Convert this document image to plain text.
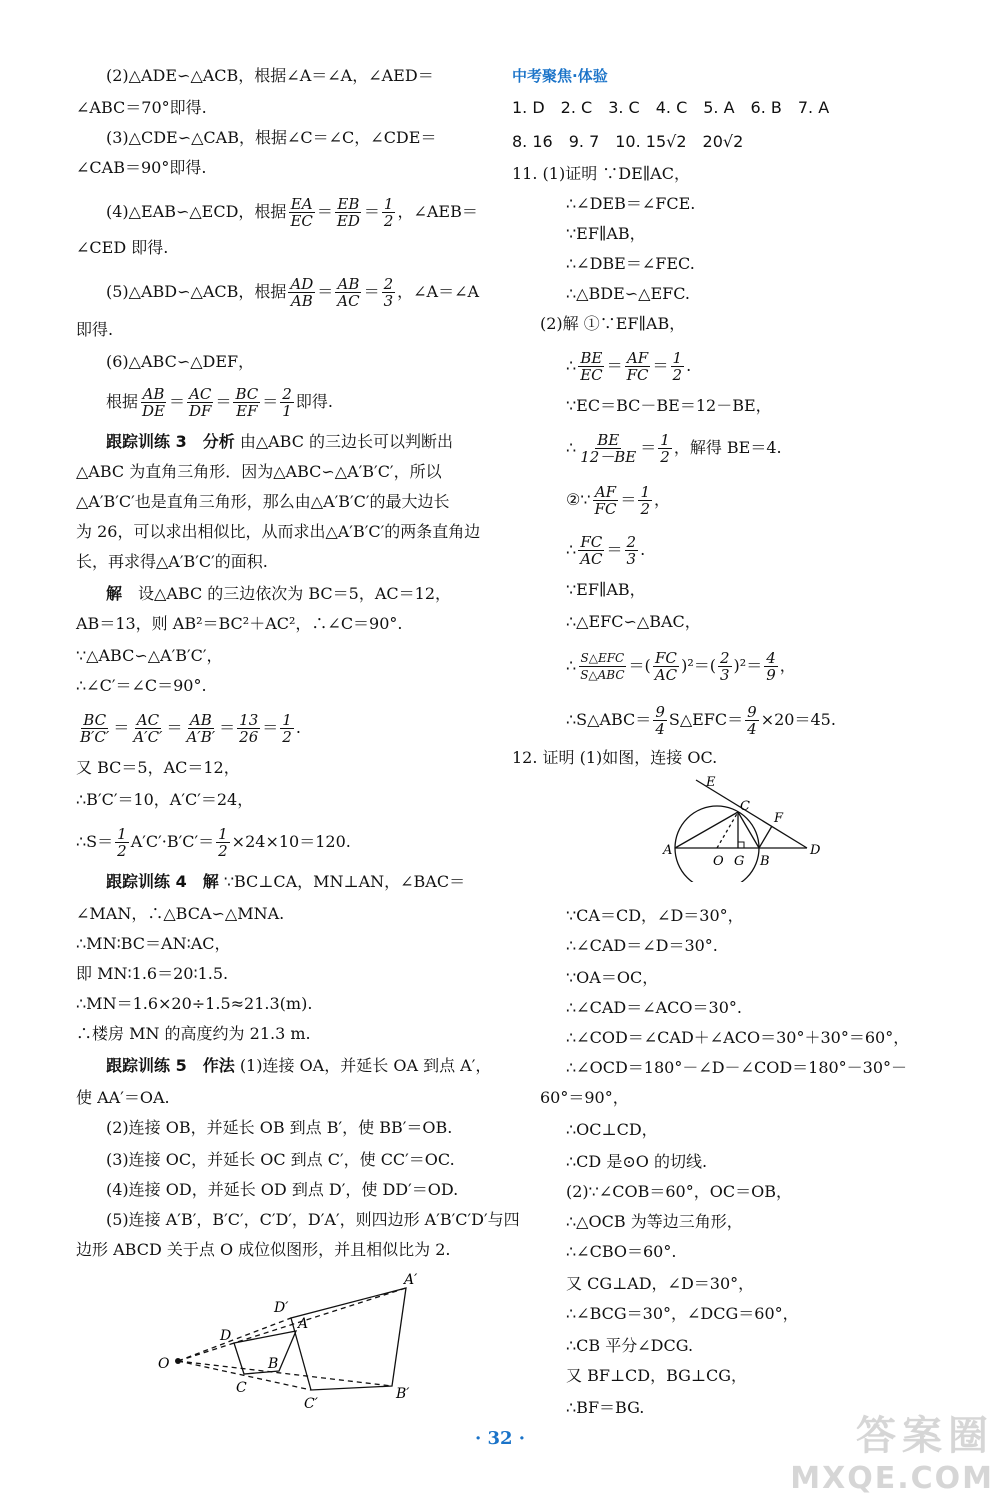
(2)△ADE∽△ACB，根据∠A＝∠A，∠AED＝
∠ABC＝70°即得.
(3)△CDE∽△CAB，根据∠C＝∠C，∠CDE＝
∠CAB＝90°即得.
(4)△EAB∽△ECD，根据 $\frac{EA}{EC} = \frac{EB}{ED} = \frac{1}{2}$ ，∠AEB＝
∠CED 即得.
(5)△ABD∽△ACB，根据 $\frac{AD}{AB} = \frac{AB}{AC} = \frac{2}{3}$ ，∠A＝∠A
即得.
(6)△ABC∽△DEF，
根据 $\frac{AB}{DE} = \frac{AC}{DF} = \frac{BC}{EF} = \frac{2}{1}$ 即得.
跟踪训练 3　分析 由△ABC 的三边长可以判断出
△ABC 为直角三角形．因为△ABC∽△A′B′C′，所以
△A′B′C′也是直角三角形，那么由△A′B′C′的最大边长
为 26，可以求出相似比，从而求出△A′B′C′的两条直角边
长，再求得△A′B′C′的面积.
解　 设△ABC 的三边依次为 BC＝5，AC＝12，
AB＝13，则 AB²＝BC²＋AC²，∴∠C＝90°.
∵△ABC∽△A′B′C′，
∴∠C′＝∠C＝90°.
$\frac{BC}{B'C'} = \frac{AC}{A'C'} = \frac{AB}{A'B'} = \frac{13}{26} = \frac{1}{2}$ .
又 BC＝5，AC＝12，
∴B′C′＝10，A′C′＝24，
∴S＝ $\frac{1}{2} A'C'\cdot B'C'= \frac{1}{2} \times 24\times 10=120$.
跟踪训练 4　解 ∵BC⊥CA，MN⊥AN，∠BAC＝
∠MAN，∴△BCA∽△MNA.
∴MN∶BC＝AN∶AC，
即 MN∶1.6＝20∶1.5.
∴MN＝1.6×20÷1.5≈21.3(m).
∴楼房 MN 的高度约为 21.3 m.
跟踪训练 5　作法 (1)连接 OA，并延长 OA 到点 A′，
使 AA′＝OA.
(2)连接 OB，并延长 OB 到点 B′，使 BB′＝OB.
(3)连接 OC，并延长 OC 到点 C′，使 CC′＝OC.
(4)连接 OD，并延长 OD 到点 D′，使 DD′＝OD.
(5)连接 A′B′，B′C′，C′D′，D′A′，则四边形 A′B′C′D′与四
边形 ABCD 关于点 O 成位似图形，并且相似比为 2.
O
A
B
C
D
A′
B′
C′
D′
中考聚焦·体验
1. D　2. C　3. C　4. C　5. A　6. B　7. A
8. 16　9. 7　10. 15√2　20√2
11. (1)证明 ∵DE∥AC，
∴∠DEB＝∠FCE.
∵EF∥AB，
∴∠DBE＝∠FEC.
∴△BDE∽△EFC.
(2)解 ①∵EF∥AB，
∴ $\frac{BE}{EC} = \frac{AF}{FC} = \frac{1}{2}$ .
∵EC＝BC－BE＝12－BE，
∴ $\frac{BE}{12-BE} = \frac{1}{2}$ ，解得 BE＝4.
②∵ $\frac{AF}{FC} = \frac{1}{2}$ ，
∴ $\frac{FC}{AC} = \frac{2}{3}$ .
∵EF∥AB，
∴△EFC∽△BAC，
∴ $\frac{\text{S△EFC}}{\text{S△ABC}}$ ＝( $\frac{FC}{AC} )^2=( \frac{2}{3} )^2= \frac{4}{9}$ ，
∴S△ABC＝ $\frac{9}{4}$ S△EFC＝ $\frac{9}{4} \times 20=45$.
12. 证明 (1)如图，连接 OC.
E
C
F
A
O G B
D
∵CA＝CD，∠D＝30°，
∴∠CAD＝∠D＝30°.
∵OA＝OC，
∴∠CAD＝∠ACO＝30°.
∴∠COD＝∠CAD＋∠ACO＝30°＋30°＝60°，
∴∠OCD＝180°－∠D－∠COD＝180°－30°－
60°＝90°，
∴OC⊥CD，
∴CD 是⊙O 的切线.
(2)∵∠COB＝60°，OC＝OB，
∴△OCB 为等边三角形，
∴∠CBO＝60°.
又 CG⊥AD，∠D＝30°，
∴∠BCG＝30°，∠DCG＝60°，
∴CB 平分∠DCG.
又 BF⊥CD，BG⊥CG，
∴BF＝BG.
· 32 ·	答案圈
MXQE.COM
